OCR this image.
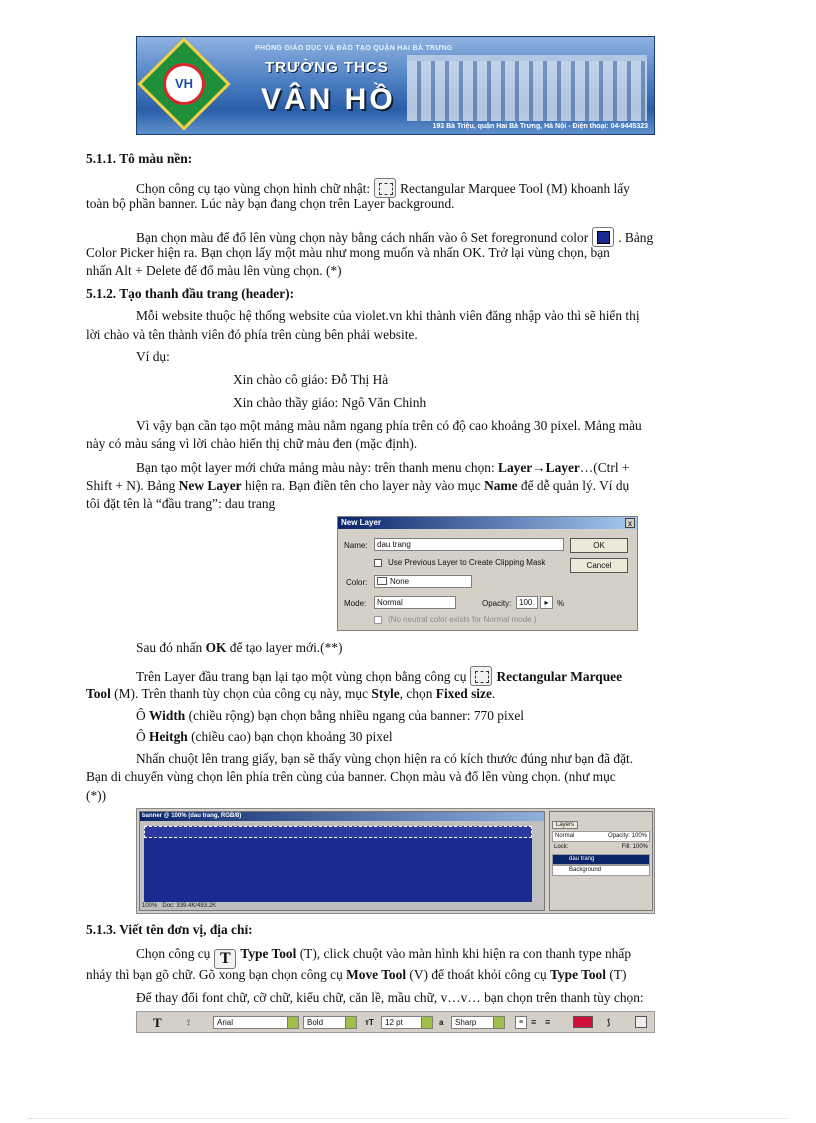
VH
PHÒNG GIÁO DỤC VÀ ĐÀO TẠO QUẬN HAI BÀ TRƯNG
TRƯỜNG THCS
VÂN HỒ
193 Bà Triệu, quận Hai Bà Trưng, Hà Nội - Điện thoại: 04-9445323
5.1.1. Tô màu nền:
Chọn công cụ tạo vùng chọn hình chữ nhật: Rectangular Marquee Tool (M) khoanh lấy
toàn bộ phần banner. Lúc này bạn đang chọn trên Layer background.
Bạn chọn màu để đổ lên vùng chọn này bằng cách nhấn vào ô Set foregronund color . Bảng
Color Picker hiện ra. Bạn chọn lấy một màu như mong muốn và nhấn OK. Trở lại vùng chọn, bạn
nhấn Alt + Delete để đổ màu lên vùng chọn. (*)
5.1.2. Tạo thanh đầu trang (header):
Mỗi website thuộc hệ thống website của violet.vn khi thành viên đăng nhập vào thì sẽ hiển thị
lời chào và tên thành viên đó phía trên cùng bên phải website.
Ví dụ:
Xin chào cô giáo: Đỗ Thị Hà
Xin chào thầy giáo: Ngô Văn Chinh
Vì vậy bạn cần tạo một mảng màu nằm ngang phía trên có độ cao khoảng 30 pixel. Mảng màu
này có màu sáng vì lời chào hiển thị chữ màu đen (mặc định).
Bạn tạo một layer mới chứa mảng màu này: trên thanh menu chọn: Layer→Layer…(Ctrl +
Shift + N). Bảng New Layer hiện ra. Bạn điền tên cho layer này vào mục Name để dễ quản lý. Ví dụ
tôi đặt tên là “đầu trang”: dau trang
New Layer	x
Name:	dau trang
Use Previous Layer to Create Clipping Mask
Color:	None
Mode:	Normal	Opacity: 100	▸	%
(No neutral color exists for Normal mode.)
OK
Cancel
Sau đó nhấn OK để tạo layer mới.(**)
Trên Layer đầu trang bạn lại tạo một vùng chọn bằng công cụ Rectangular Marquee
Tool (M). Trên thanh tùy chọn của công cụ này, mục Style, chọn Fixed size.
Ô Width (chiều rộng) bạn chọn bằng nhiều ngang của banner: 770 pixel
Ô Heitgh (chiều cao) bạn chọn khoảng 30 pixel
Nhấn chuột lên trang giấy, bạn sẽ thấy vùng chọn hiện ra có kích thước đúng như bạn đã đặt.
Bạn di chuyển vùng chọn lên phía trên cùng của banner. Chọn màu và đổ lên vùng chọn. (như mục
(*))
banner @ 100% (dau trang, RGB/8)
100% Doc: 339.4K/493.2K
Layers
Normal	Opacity: 100%
Lock:	Fill: 100%
dau trang
Background
5.1.3. Viết tên đơn vị, địa chỉ:
Chọn công cụ T Type Tool (T), click chuột vào màn hình khi hiện ra con thanh type nhấp
nháy thì bạn gõ chữ. Gõ xong bạn chọn công cụ Move Tool (V) để thoát khỏi công cụ Type Tool (T)
Để thay đổi font chữ, cỡ chữ, kiểu chữ, căn lề, mầu chữ, v…v… bạn chọn trên thanh tùy chọn:
T	⟟	Arial	Bold	ᴛT	12 pt	a	Sharp	≡ ≡ ≡	⟆
